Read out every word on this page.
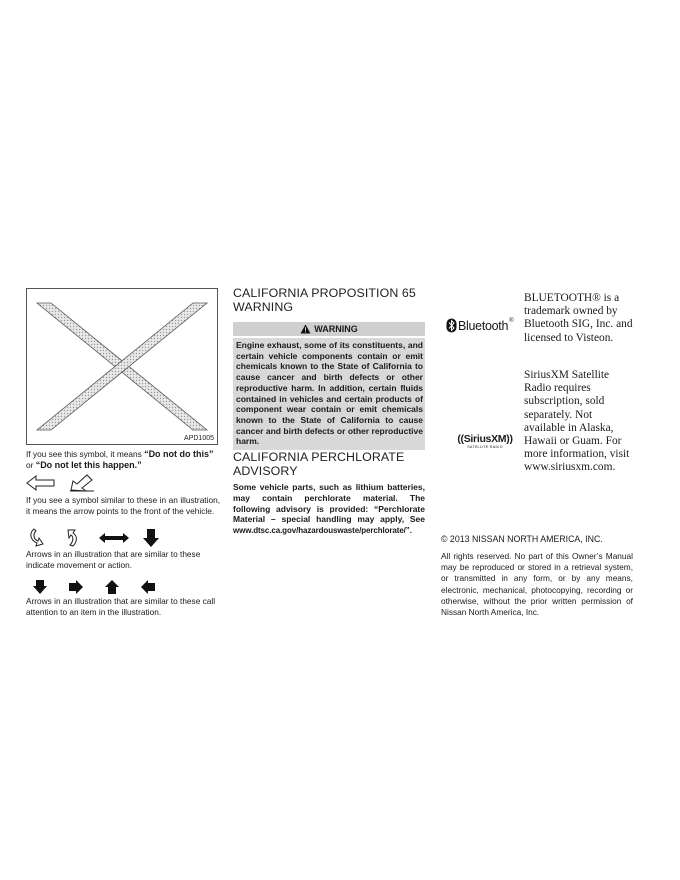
APD1005
If you see this symbol, it means “Do not do this” or “Do not let this happen.”
If you see a symbol similar to these in an illustration, it means the arrow points to the front of the vehicle.
Arrows in an illustration that are similar to these indicate movement or action.
Arrows in an illustration that are similar to these call attention to an item in the illustration.
CALIFORNIA PROPOSITION 65 WARNING
WARNING
Engine exhaust, some of its constituents, and certain vehicle components contain or emit chemicals known to the State of California to cause cancer and birth defects or other reproductive harm. In addition, certain fluids contained in vehicles and certain products of component wear contain or emit chemicals known to the State of California to cause cancer and birth defects or other reproductive harm.
CALIFORNIA PERCHLORATE ADVISORY
Some vehicle parts, such as lithium batteries, may contain perchlorate material. The following advisory is provided: “Perchlorate Material – special handling may apply, See www.dtsc.ca.gov/hazardouswaste/perchlorate/”.
Bluetooth ®
BLUETOOTH® is a trademark owned by Bluetooth SIG, Inc. and licensed to Visteon.
((SiriusXM))
SATELLITE RADIO
SiriusXM Satellite Radio requires subscription, sold separately. Not available in Alaska, Hawaii or Guam. For more information, visit www.siriusxm.com.
© 2013 NISSAN NORTH AMERICA, INC.
All rights reserved. No part of this Owner’s Manual may be reproduced or stored in a retrieval system, or transmitted in any form, or by any means, electronic, mechanical, photocopying, recording or otherwise, without the prior written permission of Nissan North America, Inc.
